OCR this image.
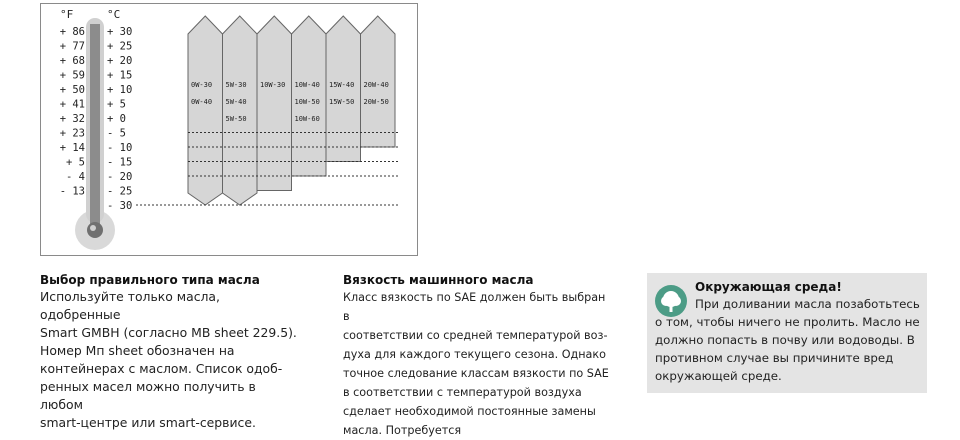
°F	°C
+ 86
+ 77
+ 68
+ 59
+ 50
+ 41
+ 32
+ 23
+ 14
+ 5
- 4
- 13
+ 30
+ 25
+ 20
+ 15
+ 10
+ 5
+ 0
- 5
- 10
- 15
- 20
- 25
- 30
0W-30
0W-40
5W-30
5W-40
5W-50
10W-30 10W-40
10W-50
10W-60
15W-40
15W-50
20W-40
20W-50
Выбор правильного типа масла

Используйте только масла, одобренные

Smart GMBH (согласно MB sheet 229.5).

Номер Мп sheet обозначен на

контейнерах с маслом. Список одоб-

ренных масел можно получить в любом

smart-центре или smart-сервисе.

Вязкость машинного масла

Класс вязкость по SAE должен быть выбран в

соответствии со средней температурой воз-

духа для каждого текущего сезона. Однако

точное следование классам вязкости по SAE

в соответствии с температурой воздуха

сделает необходимой постоянные замены

масла. Потребуется

Окружающая среда!

При доливании масла позаботьтесь о том, чтобы ничего не пролить. Масло не должно попасть в почву или водоводы. В противном случае вы причините вред окружающей среде.
